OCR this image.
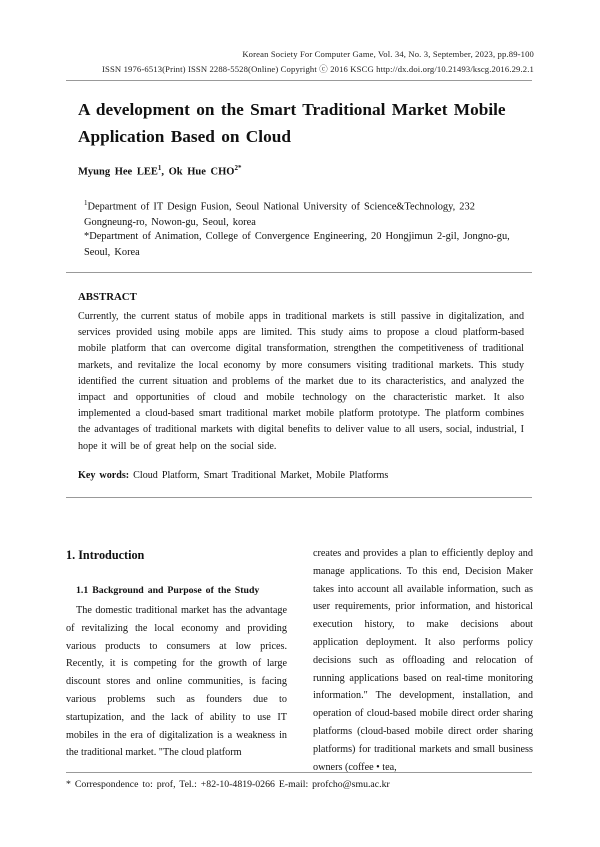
Korean Society For Computer Game, Vol. 34, No. 3, September, 2023, pp.89-100
ISSN 1976-6513(Print) ISSN 2288-5528(Online) Copyright ⓒ 2016 KSCG http://dx.doi.org/10.21493/kscg.2016.29.2.1
A development on the Smart Traditional Market Mobile Application Based on Cloud
Myung Hee LEE$^1$, Ok Hue $CHO^{2*}$
$^1$Department of IT Design Fusion, Seoul National University of Science&Technology, 232
Gongneung-ro, Nowon-gu, Seoul, korea
*Department of Animation, College of Convergence Engineering, 20 Hongjimun 2-gil, Jongno-gu,
Seoul, Korea
ABSTRACT
Currently, the current status of mobile apps in traditional markets is still passive in digitalization, and services provided using mobile apps are limited. This study aims to propose a cloud platform-based mobile platform that can overcome digital transformation, strengthen the competitiveness of traditional markets, and revitalize the local economy by more consumers visiting traditional markets. This study identified the current situation and problems of the market due to its characteristics, and analyzed the impact and opportunities of cloud and mobile technology on the characteristic market. It also implemented a cloud-based smart traditional market mobile platform prototype. The platform combines the advantages of traditional markets with digital benefits to deliver value to all users, social, industrial, I hope it will be of great help on the social side.
Key words: Cloud Platform, Smart Traditional Market, Mobile Platforms
1. Introduction
1.1 Background and Purpose of the Study

The domestic traditional market has the advantage of revitalizing the local economy and providing various products to consumers at low prices. Recently, it is competing for the growth of large discount stores and online communities, is facing various problems such as founders due to startupization, and the lack of ability to use IT mobiles in the era of digitalization is a weakness in the traditional market. "The cloud platform

creates and provides a plan to efficiently deploy and manage applications. To this end, Decision Maker takes into account all available information, such as user requirements, prior information, and historical execution history, to make decisions about application deployment. It also performs policy decisions such as offloading and relocation of running applications based on real-time monitoring information." The development, installation, and operation of cloud-based mobile direct order sharing platforms (cloud-based mobile direct order sharing platforms) for traditional markets and small business owners (coffee • tea,

* Correspondence to: prof, Tel.: +82-10-4819-0266 E-mail: profcho@smu.ac.kr
